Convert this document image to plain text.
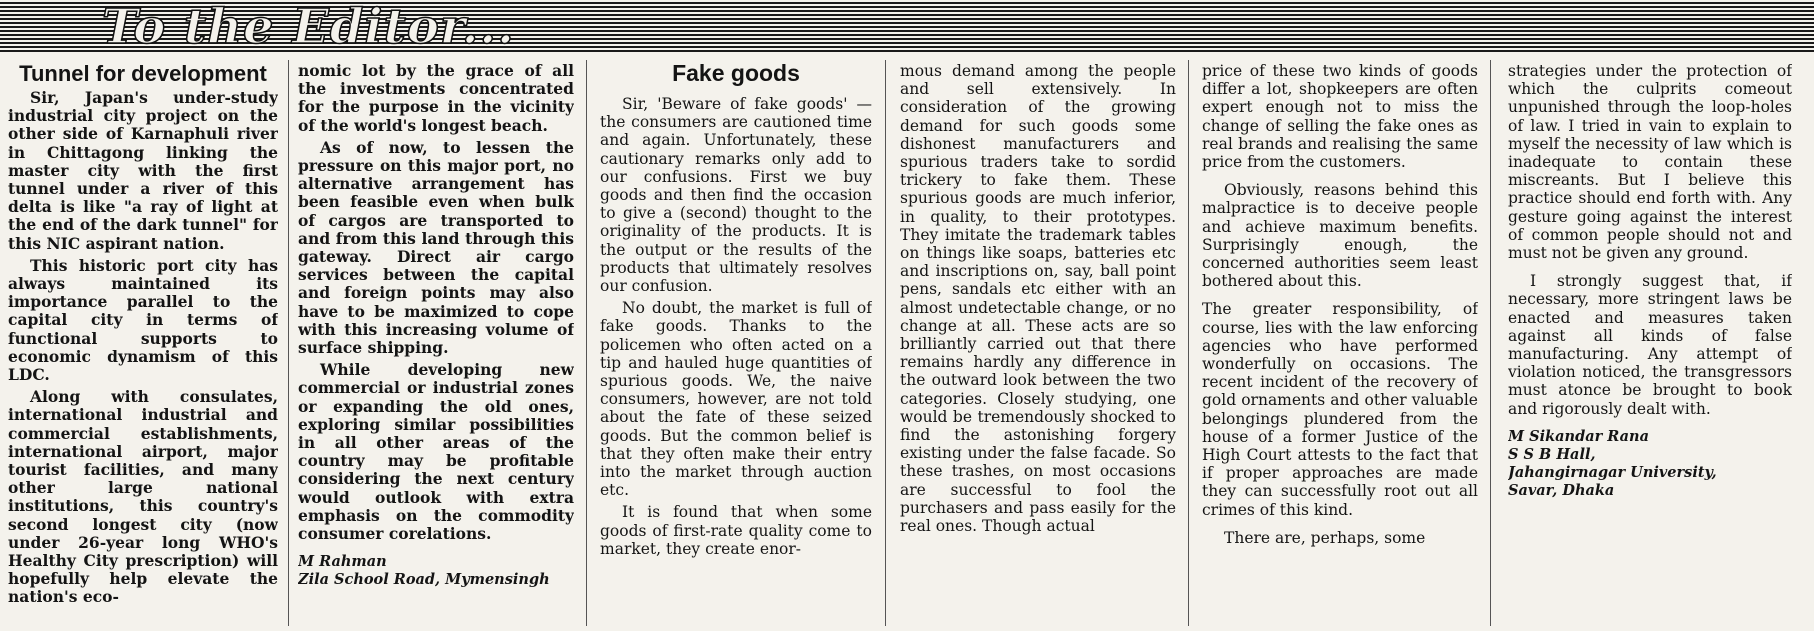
To the Editor...
Tunnel for development

Sir, Japan's under-study industrial city project on the other side of Karnaphuli river in Chittagong linking the master city with the first tunnel under a river of this delta is like "a ray of light at the end of the dark tunnel" for this NIC aspirant nation.

This historic port city has always maintained its importance parallel to the capital city in terms of functional supports to economic dynamism of this LDC.

Along with consulates, international industrial and commercial establishments, international airport, major tourist facilities, and many other large national institutions, this country's second longest city (now under 26-year long WHO's Healthy City prescription) will hopefully help elevate the nation's eco-

nomic lot by the grace of all the investments concentrated for the purpose in the vicinity of the world's longest beach.

As of now, to lessen the pressure on this major port, no alternative arrangement has been feasible even when bulk of cargos are transported to and from this land through this gateway. Direct air cargo services between the capital and foreign points may also have to be maximized to cope with this increasing volume of surface shipping.

While developing new commercial or industrial zones or expanding the old ones, exploring similar possibilities in all other areas of the country may be profitable considering the next century would outlook with extra emphasis on the commodity consumer corelations.

M Rahman
Zila School Road, Mymensingh
Fake goods

Sir, 'Beware of fake goods' — the consumers are cautioned time and again. Unfortunately, these cautionary remarks only add to our confusions. First we buy goods and then find the occasion to give a (second) thought to the originality of the products. It is the output or the results of the products that ultimately resolves our confusion.

No doubt, the market is full of fake goods. Thanks to the policemen who often acted on a tip and hauled huge quantities of spurious goods. We, the naive consumers, however, are not told about the fate of these seized goods. But the common belief is that they often make their entry into the market through auction etc.

It is found that when some goods of first-rate quality come to market, they create enor-

mous demand among the people and sell extensively. In consideration of the growing demand for such goods some dishonest manufacturers and spurious traders take to sordid trickery to fake them. These spurious goods are much inferior, in quality, to their prototypes. They imitate the trademark tables on things like soaps, batteries etc and inscriptions on, say, ball point pens, sandals etc either with an almost undetectable change, or no change at all. These acts are so brilliantly carried out that there remains hardly any difference in the outward look between the two categories. Closely studying, one would be tremendously shocked to find the astonishing forgery existing under the false facade. So these trashes, on most occasions are successful to fool the purchasers and pass easily for the real ones. Though actual

price of these two kinds of goods differ a lot, shopkeepers are often expert enough not to miss the change of selling the fake ones as real brands and realising the same price from the customers.

Obviously, reasons behind this malpractice is to deceive people and achieve maximum benefits. Surprisingly enough, the concerned authorities seem least bothered about this.

The greater responsibility, of course, lies with the law enforcing agencies who have performed wonderfully on occasions. The recent incident of the recovery of gold ornaments and other valuable belongings plundered from the house of a former Justice of the High Court attests to the fact that if proper approaches are made they can successfully root out all crimes of this kind.

There are, perhaps, some

strategies under the protection of which the culprits comeout unpunished through the loop-holes of law. I tried in vain to explain to myself the necessity of law which is inadequate to contain these miscreants. But I believe this practice should end forth with. Any gesture going against the interest of common people should not and must not be given any ground.

I strongly suggest that, if necessary, more stringent laws be enacted and measures taken against all kinds of false manufacturing. Any attempt of violation noticed, the transgressors must atonce be brought to book and rigorously dealt with.

M Sikandar Rana
S S B Hall,
Jahangirnagar University,
Savar, Dhaka
